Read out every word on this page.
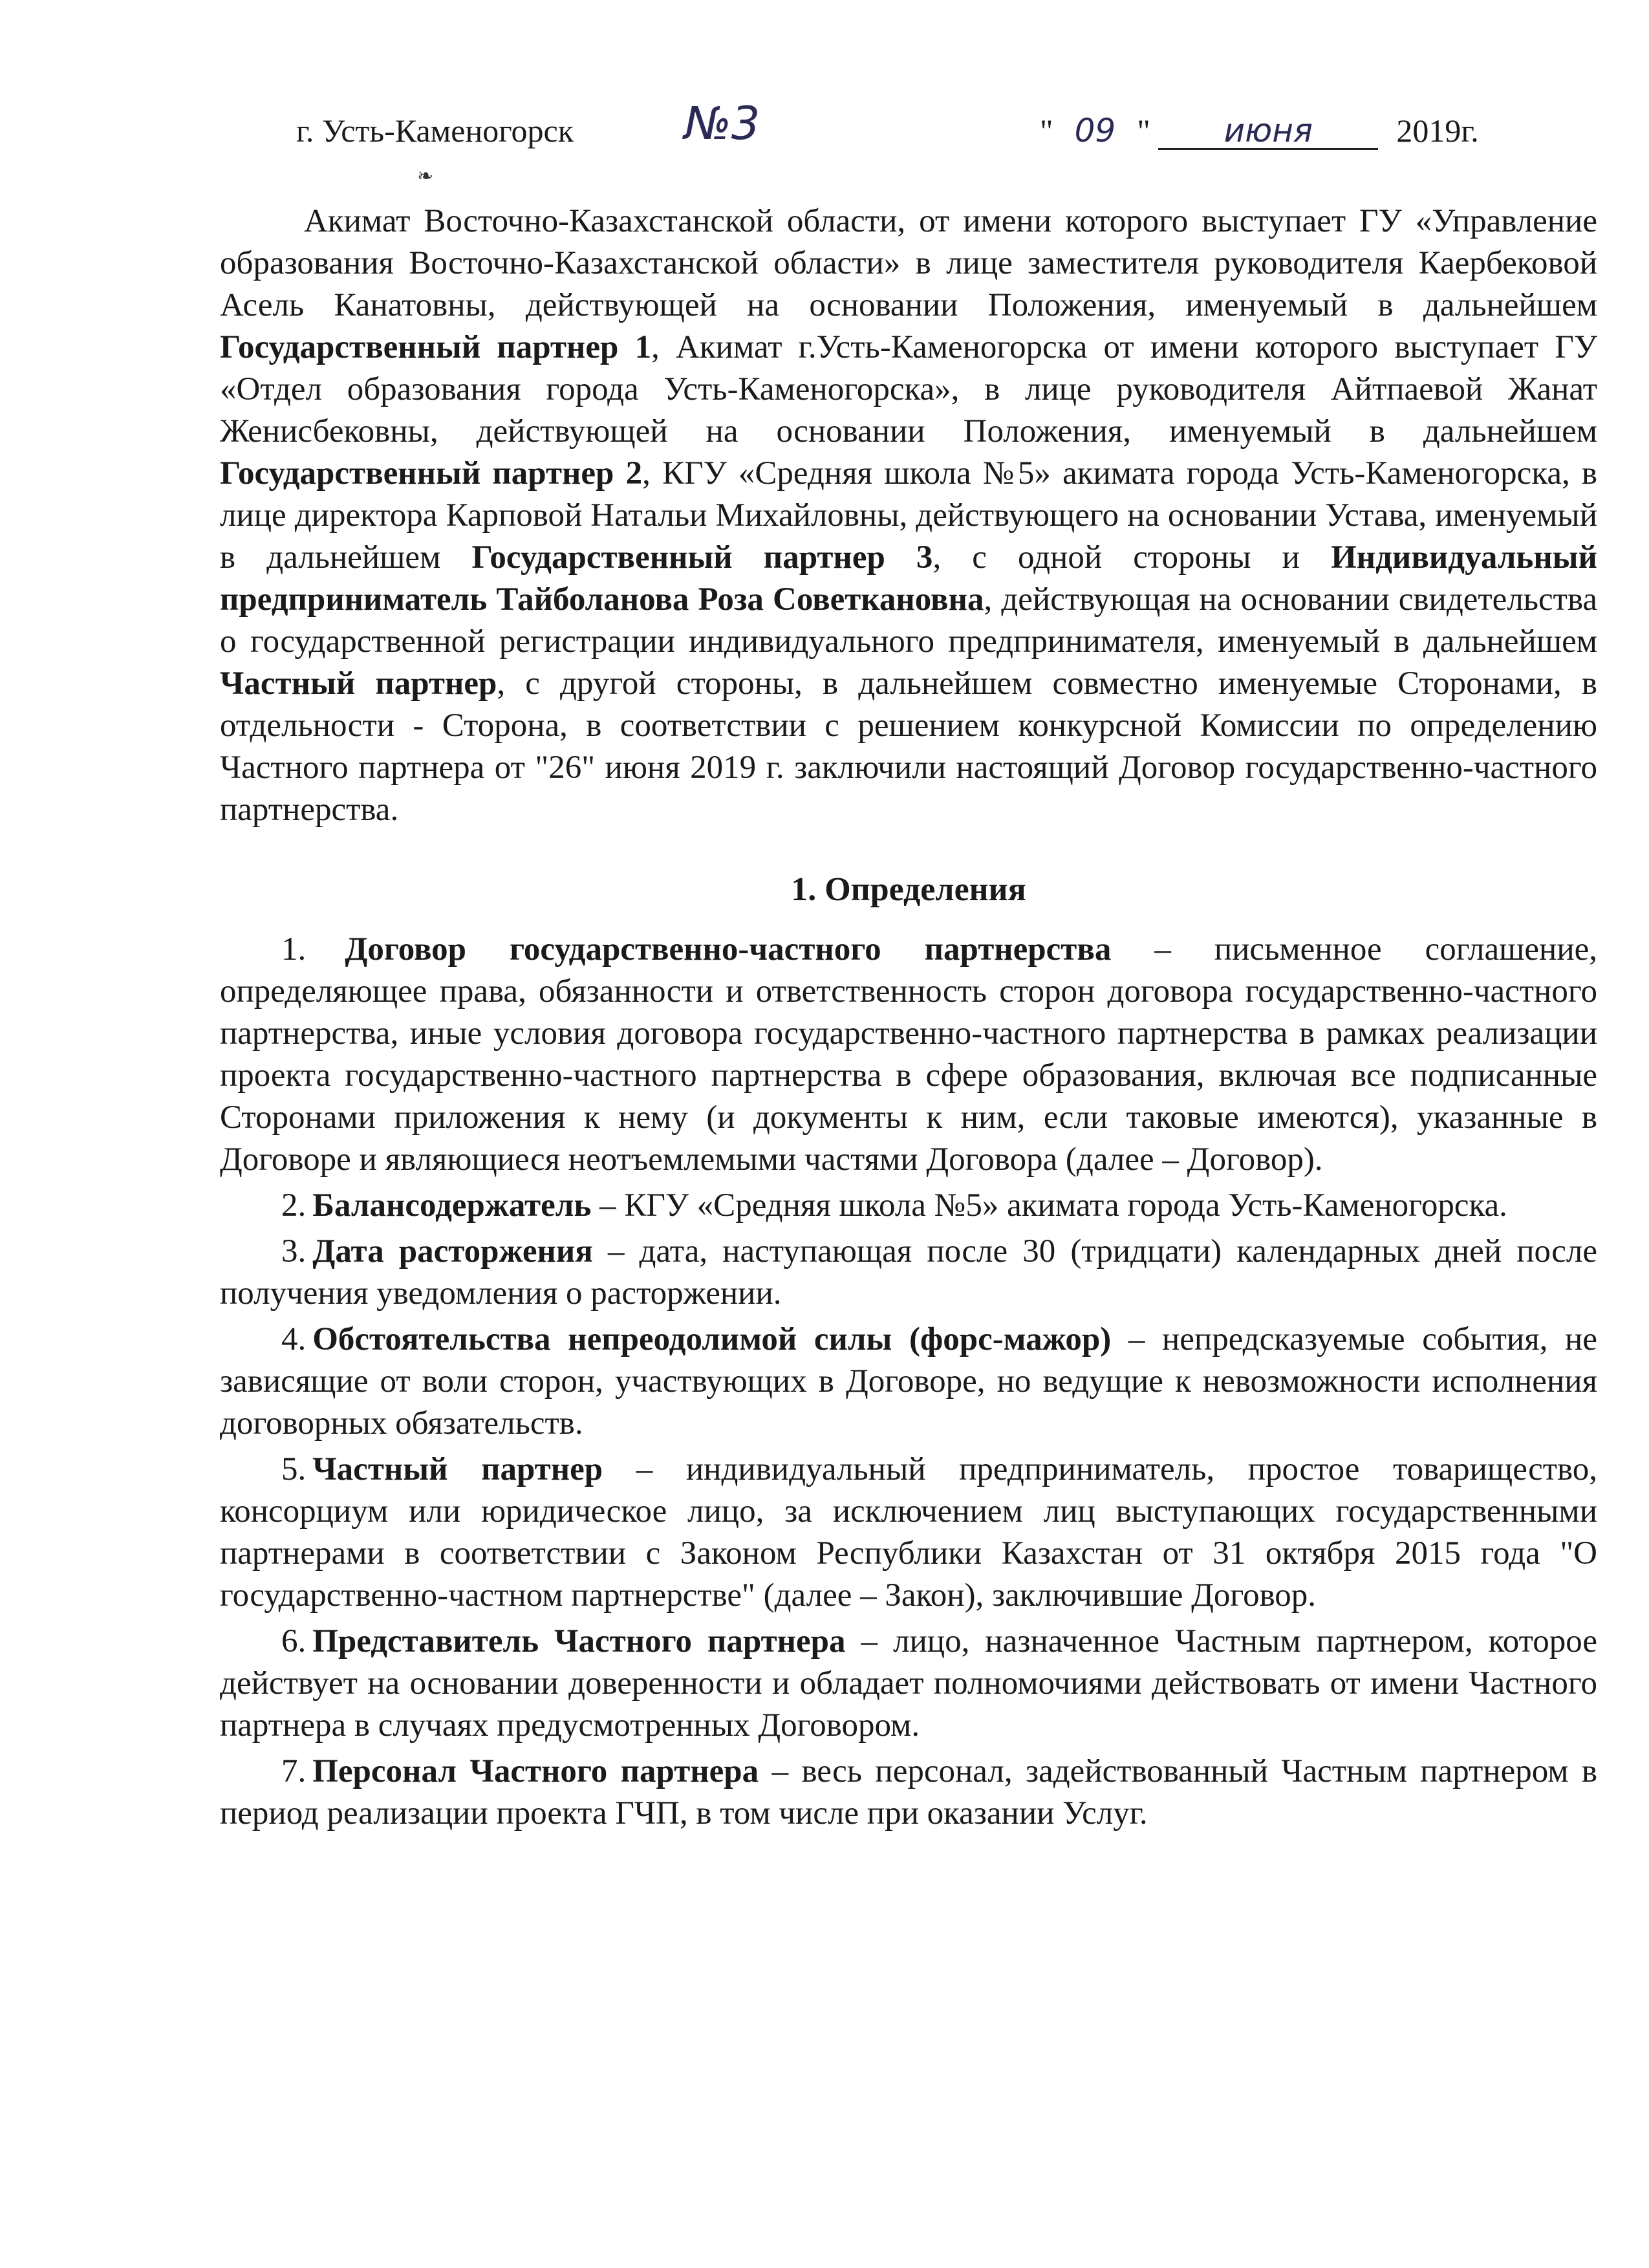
г. Усть-Каменогорск №3	" 09 " июня	2019г.
❧

Акимат Восточно-Казахстанской области, от имени которого выступает ГУ «Управление образования Восточно-Казахстанской области» в лице заместителя руководителя Каербековой Асель Канатовны, действующей на основании Положения, именуемый в дальнейшем Государственный партнер 1, Акимат г.Усть-Каменогорска от имени которого выступает ГУ «Отдел образования города Усть-Каменогорска», в лице руководителя Айтпаевой Жанат Женисбековны, действующей на основании Положения, именуемый в дальнейшем Государственный партнер 2, КГУ «Средняя школа №5» акимата города Усть-Каменогорска, в лице директора Карповой Натальи Михайловны, действующего на основании Устава, именуемый в дальнейшем Государственный партнер 3, с одной стороны и Индивидуальный предприниматель Тайболанова Роза Советкановна, действующая на основании свидетельства о государственной регистрации индивидуального предпринимателя, именуемый в дальнейшем Частный партнер, с другой стороны, в дальнейшем совместно именуемые Сторонами, в отдельности - Сторона, в соответствии с решением конкурсной Комиссии по определению Частного партнера от "26" июня 2019 г. заключили настоящий Договор государственно-частного партнерства.

1. Определения

1. Договор государственно-частного партнерства – письменное соглашение, определяющее права, обязанности и ответственность сторон договора государственно-частного партнерства, иные условия договора государственно-частного партнерства в рамках реализации проекта государственно-частного партнерства в сфере образования, включая все подписанные Сторонами приложения к нему (и документы к ним, если таковые имеются), указанные в Договоре и являющиеся неотъемлемыми частями Договора (далее – Договор).

2. Балансодержатель – КГУ «Средняя школа №5» акимата города Усть-Каменогорска.

3. Дата расторжения – дата, наступающая после 30 (тридцати) календарных дней после получения уведомления о расторжении.

4. Обстоятельства непреодолимой силы (форс-мажор) – непредсказуемые события, не зависящие от воли сторон, участвующих в Договоре, но ведущие к невозможности исполнения договорных обязательств.

5. Частный партнер – индивидуальный предприниматель, простое товарищество, консорциум или юридическое лицо, за исключением лиц выступающих государственными партнерами в соответствии с Законом Республики Казахстан от 31 октября 2015 года "О государственно-частном партнерстве" (далее – Закон), заключившие Договор.

6. Представитель Частного партнера – лицо, назначенное Частным партнером, которое действует на основании доверенности и обладает полномочиями действовать от имени Частного партнера в случаях предусмотренных Договором.

7. Персонал Частного партнера – весь персонал, задействованный Частным партнером в период реализации проекта ГЧП, в том числе при оказании Услуг.
